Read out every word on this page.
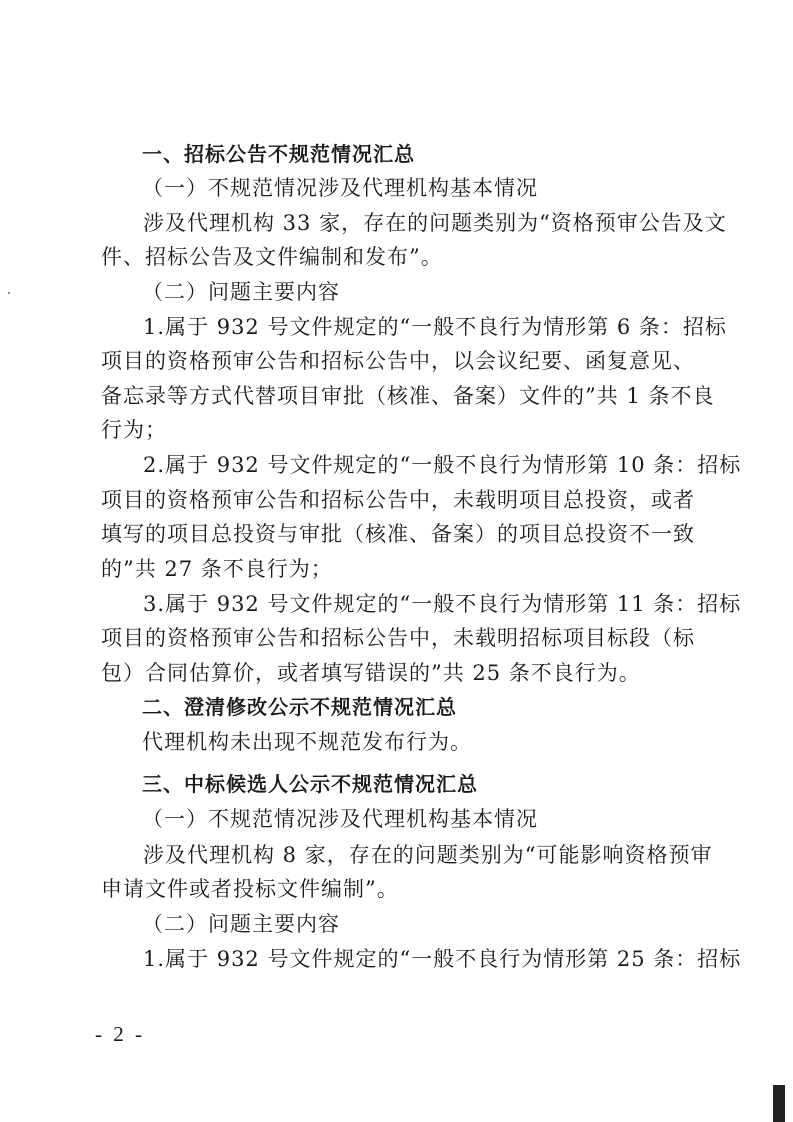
一、招标公告不规范情况汇总
（一）不规范情况涉及代理机构基本情况
涉及代理机构 33 家，存在的问题类别为“资格预审公告及文
件、招标公告及文件编制和发布”。
（二）问题主要内容
1.属于 932 号文件规定的“一般不良行为情形第 6 条：招标
项目的资格预审公告和招标公告中，以会议纪要、函复意见、
备忘录等方式代替项目审批（核准、备案）文件的”共 1 条不良
行为；
2.属于 932 号文件规定的“一般不良行为情形第 10 条：招标
项目的资格预审公告和招标公告中，未载明项目总投资，或者
填写的项目总投资与审批（核准、备案）的项目总投资不一致
的”共 27 条不良行为；
3.属于 932 号文件规定的“一般不良行为情形第 11 条：招标
项目的资格预审公告和招标公告中，未载明招标项目标段（标
包）合同估算价，或者填写错误的”共 25 条不良行为。
二、澄清修改公示不规范情况汇总
代理机构未出现不规范发布行为。
三、中标候选人公示不规范情况汇总
（一）不规范情况涉及代理机构基本情况
涉及代理机构 8 家，存在的问题类别为“可能影响资格预审
申请文件或者投标文件编制”。
（二）问题主要内容
1.属于 932 号文件规定的“一般不良行为情形第 25 条：招标
- 2 -
